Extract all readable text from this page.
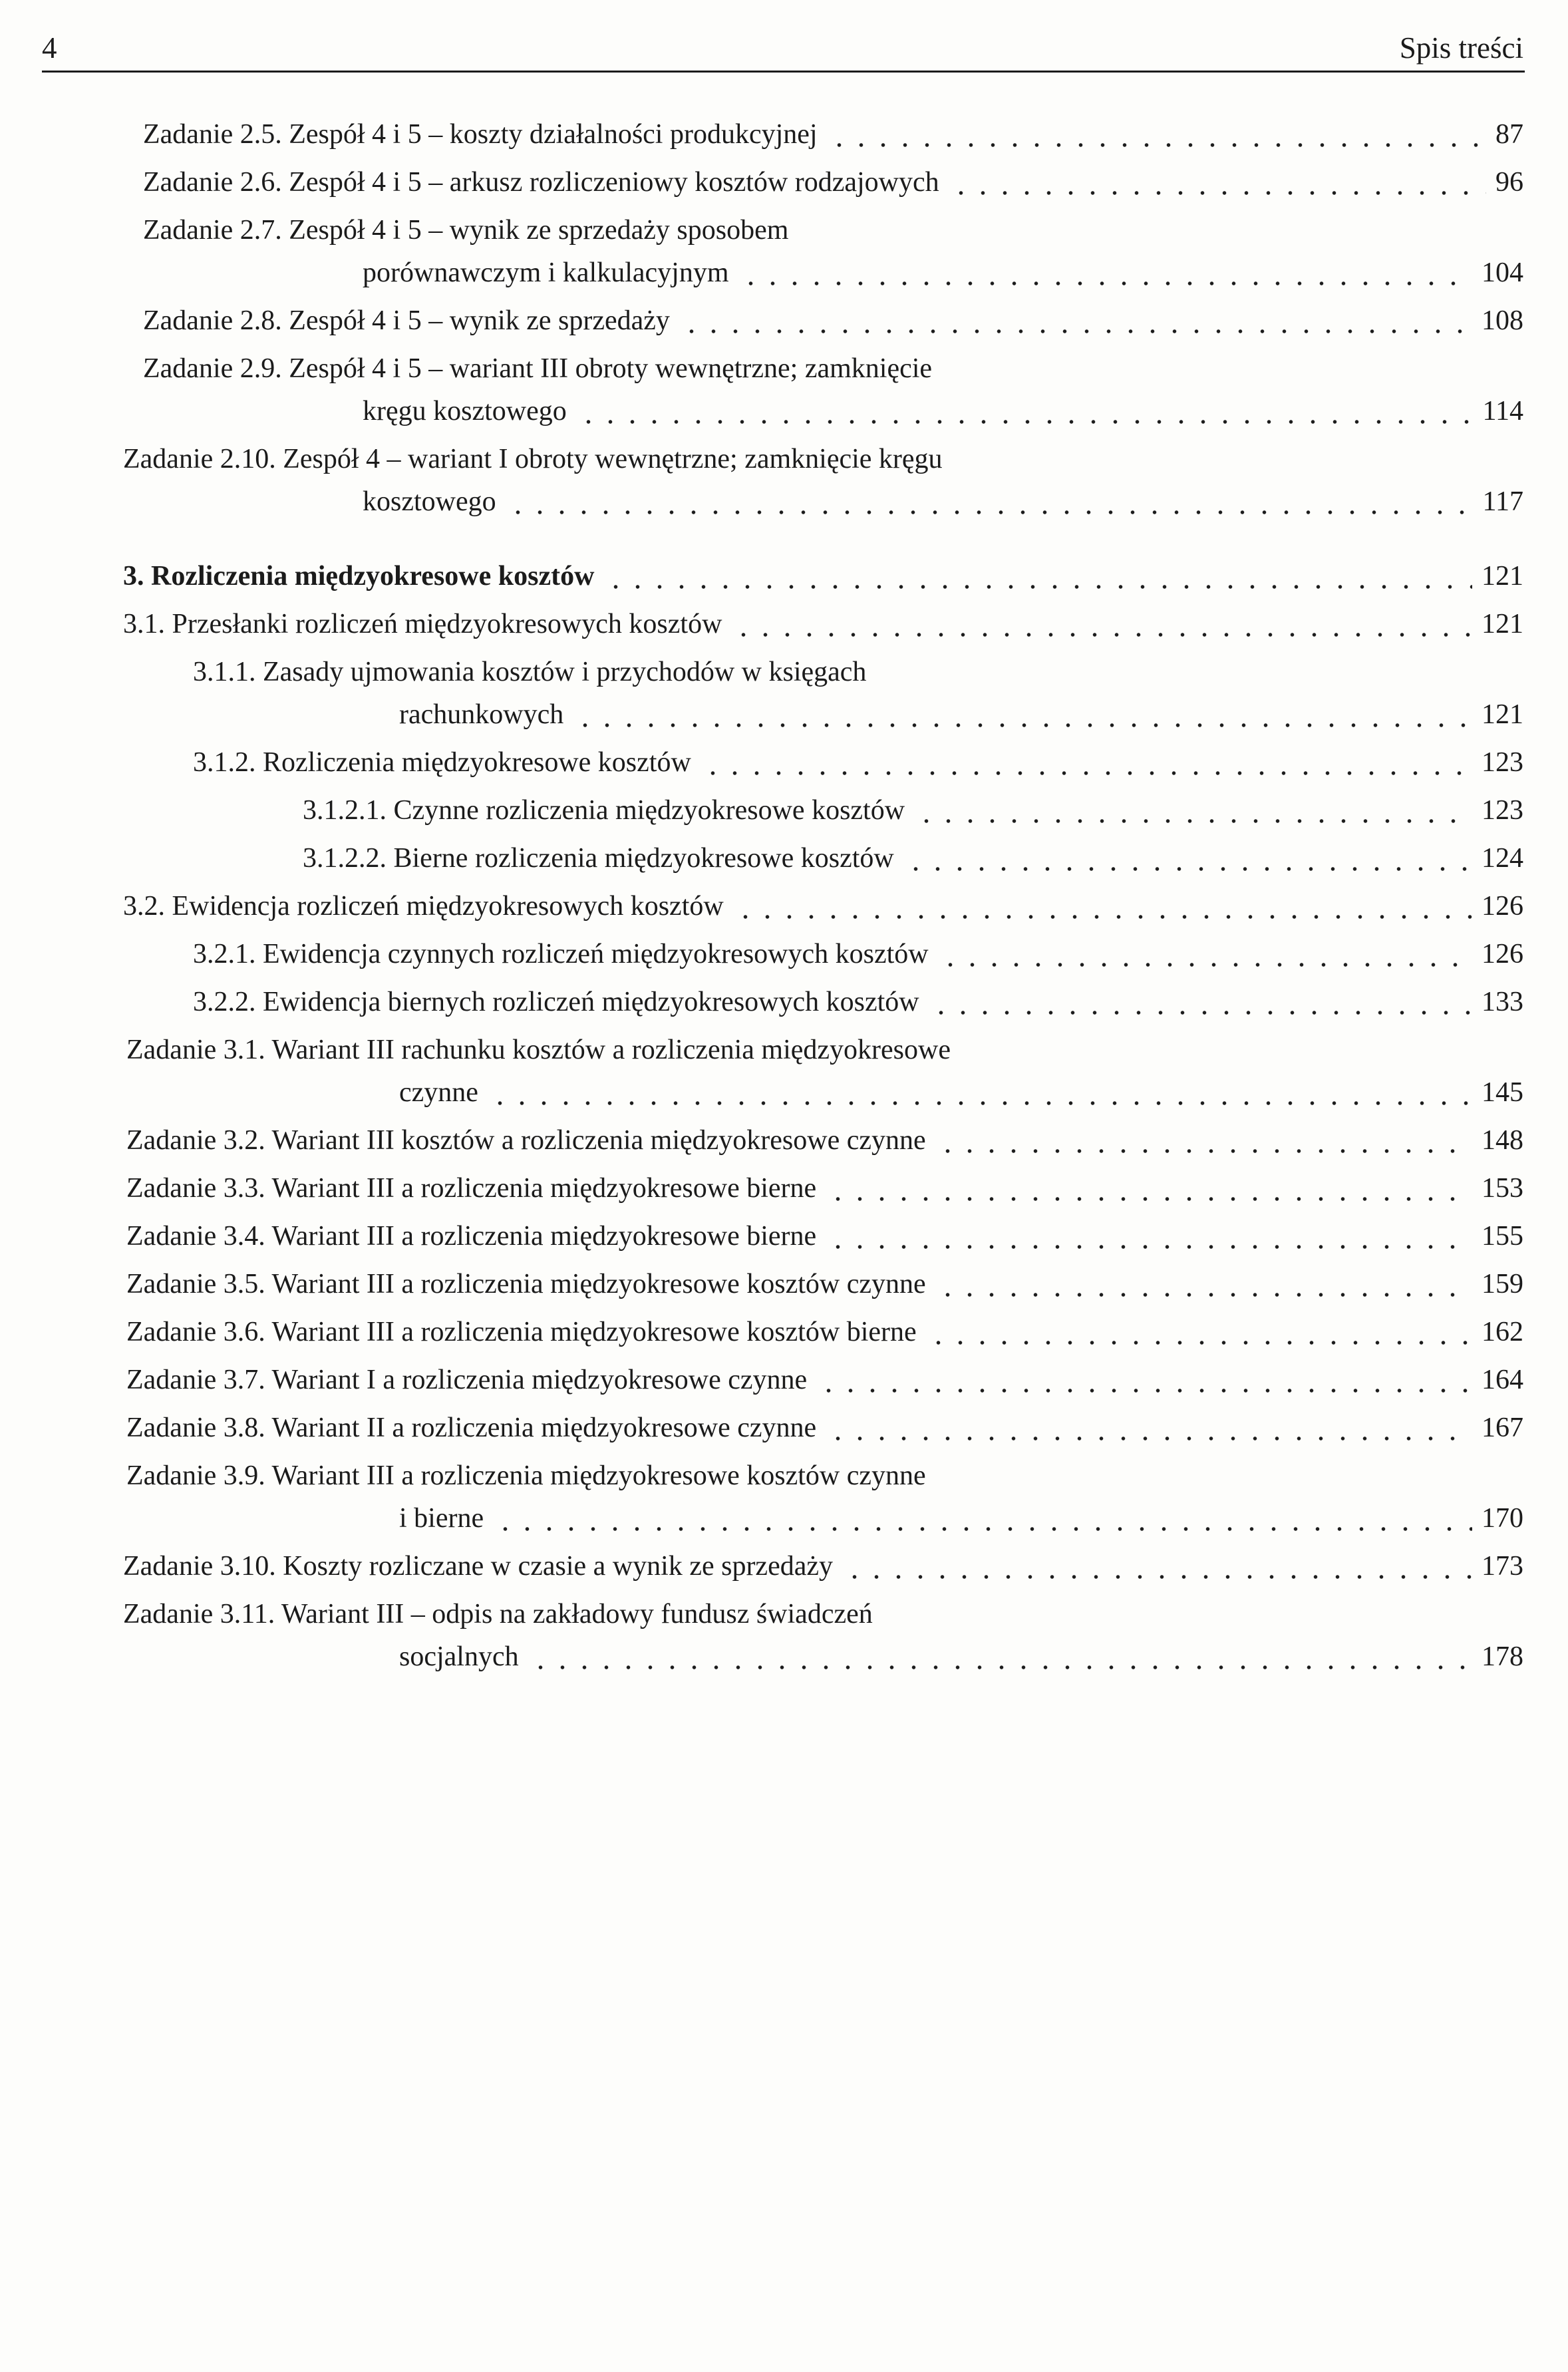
4	Spis treści
Zadanie 2.5. Zespół 4 i 5 – koszty działalności produkcyjnej	87
Zadanie 2.6. Zespół 4 i 5 – arkusz rozliczeniowy kosztów rodzajowych	96
Zadanie 2.7. Zespół 4 i 5 – wynik ze sprzedaży sposobem
porównawczym i kalkulacyjnym	104
Zadanie 2.8. Zespół 4 i 5 – wynik ze sprzedaży	108
Zadanie 2.9. Zespół 4 i 5 – wariant III obroty wewnętrzne; zamknięcie
kręgu kosztowego	114
Zadanie 2.10. Zespół 4 – wariant I obroty wewnętrzne; zamknięcie kręgu
kosztowego	117
3. Rozliczenia międzyokresowe kosztów	121
3.1. Przesłanki rozliczeń międzyokresowych kosztów	121
3.1.1. Zasady ujmowania kosztów i przychodów w księgach
rachunkowych	121
3.1.2. Rozliczenia międzyokresowe kosztów	123
3.1.2.1. Czynne rozliczenia międzyokresowe kosztów	123
3.1.2.2. Bierne rozliczenia międzyokresowe kosztów	124
3.2. Ewidencja rozliczeń międzyokresowych kosztów	126
3.2.1. Ewidencja czynnych rozliczeń międzyokresowych kosztów	126
3.2.2. Ewidencja biernych rozliczeń międzyokresowych kosztów	133
Zadanie 3.1. Wariant III rachunku kosztów a rozliczenia międzyokresowe
czynne	145
Zadanie 3.2. Wariant III kosztów a rozliczenia międzyokresowe czynne	148
Zadanie 3.3. Wariant III a rozliczenia międzyokresowe bierne	153
Zadanie 3.4. Wariant III a rozliczenia międzyokresowe bierne	155
Zadanie 3.5. Wariant III a rozliczenia międzyokresowe kosztów czynne	159
Zadanie 3.6. Wariant III a rozliczenia międzyokresowe kosztów bierne	162
Zadanie 3.7. Wariant I a rozliczenia międzyokresowe czynne	164
Zadanie 3.8. Wariant II a rozliczenia międzyokresowe czynne	167
Zadanie 3.9. Wariant III a rozliczenia międzyokresowe kosztów czynne
i bierne	170
Zadanie 3.10. Koszty rozliczane w czasie a wynik ze sprzedaży	173
Zadanie 3.11. Wariant III – odpis na zakładowy fundusz świadczeń
socjalnych	178
